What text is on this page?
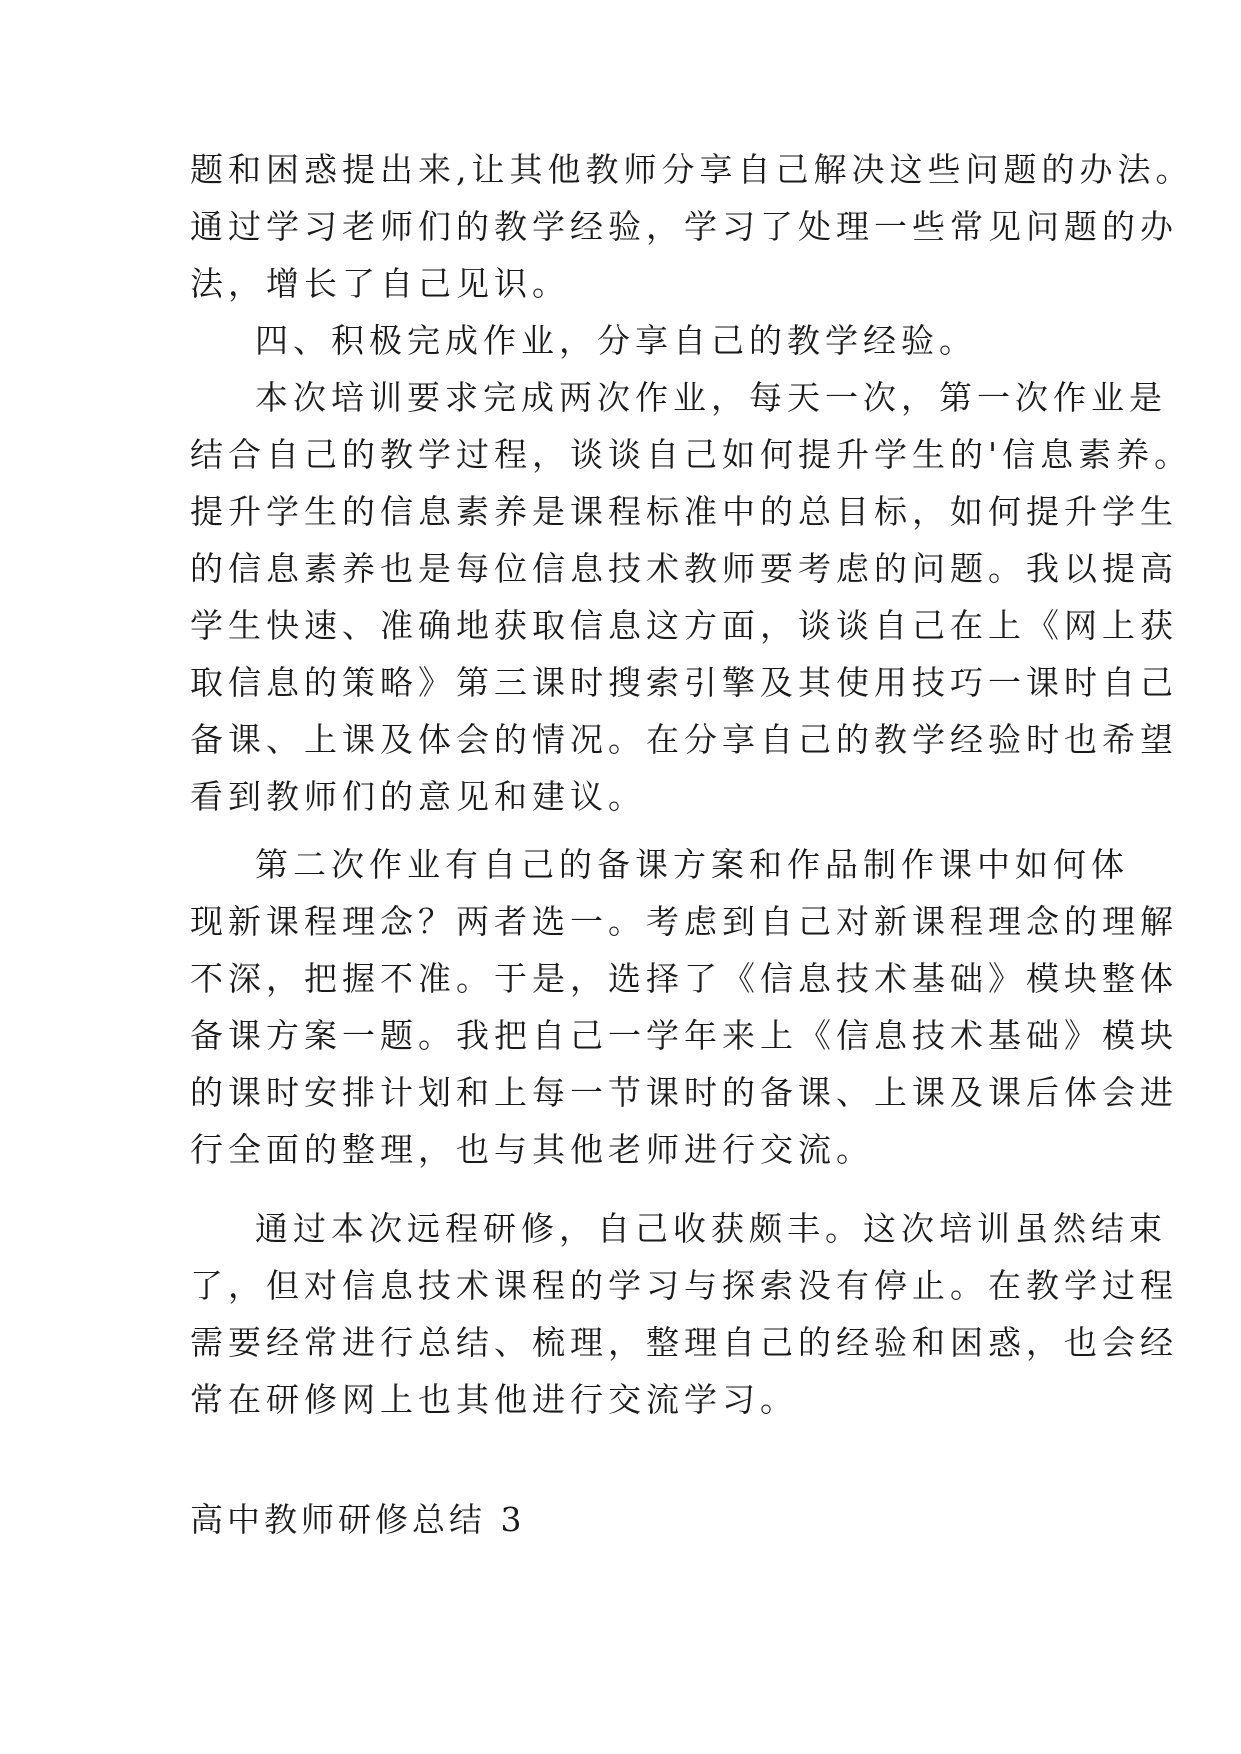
题和困惑提出来,让其他教师分享自己解决这些问题的办法。
通过学习老师们的教学经验，学习了处理一些常见问题的办
法，增长了自己见识。
四、积极完成作业，分享自己的教学经验。
本次培训要求完成两次作业，每天一次，第一次作业是
结合自己的教学过程，谈谈自己如何提升学生的'信息素养。
提升学生的信息素养是课程标准中的总目标，如何提升学生
的信息素养也是每位信息技术教师要考虑的问题。我以提高
学生快速、准确地获取信息这方面，谈谈自己在上《网上获
取信息的策略》第三课时搜索引擎及其使用技巧一课时自己
备课、上课及体会的情况。在分享自己的教学经验时也希望
看到教师们的意见和建议。
第二次作业有自己的备课方案和作品制作课中如何体
现新课程理念？两者选一。考虑到自己对新课程理念的理解
不深，把握不准。于是，选择了《信息技术基础》模块整体
备课方案一题。我把自己一学年来上《信息技术基础》模块
的课时安排计划和上每一节课时的备课、上课及课后体会进
行全面的整理，也与其他老师进行交流。
通过本次远程研修，自己收获颇丰。这次培训虽然结束
了，但对信息技术课程的学习与探索没有停止。在教学过程
需要经常进行总结、梳理，整理自己的经验和困惑，也会经
常在研修网上也其他进行交流学习。
高中教师研修总结 3
